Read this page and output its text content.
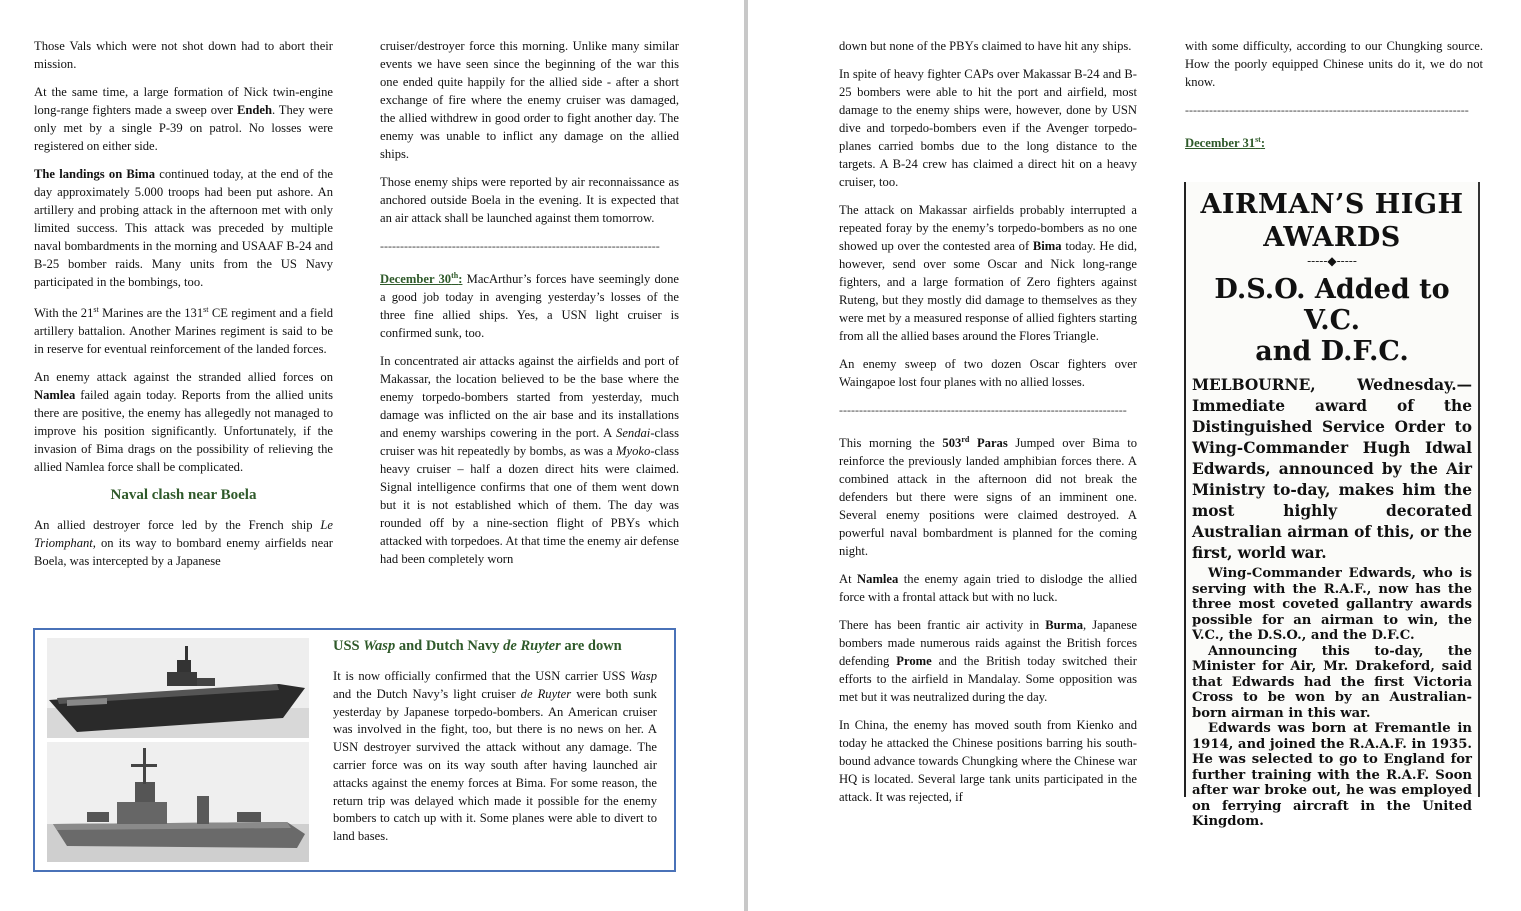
Those Vals which were not shot down had to abort their mission.

At the same time, a large formation of Nick twin-engine long-range fighters made a sweep over Endeh. They were only met by a single P-39 on patrol. No losses were registered on either side.

The landings on Bima continued today, at the end of the day approximately 5.000 troops had been put ashore. An artillery and probing attack in the afternoon met with only limited success. This attack was preceded by multiple naval bombardments in the morning and USAAF B-24 and B-25 bomber raids. Many units from the US Navy participated in the bombings, too.

With the 21st Marines are the 131st CE regiment and a field artillery battalion. Another Marines regiment is said to be in reserve for eventual reinforcement of the landed forces.

An enemy attack against the stranded allied forces on Namlea failed again today. Reports from the allied units there are positive, the enemy has allegedly not managed to improve his position significantly. Unfortunately, if the invasion of Bima drags on the possibility of relieving the allied Namlea force shall be complicated.

Naval clash near Boela

An allied destroyer force led by the French ship Le Triomphant, on its way to bombard enemy airfields near Boela, was intercepted by a Japanese

cruiser/destroyer force this morning. Unlike many similar events we have seen since the beginning of the war this one ended quite happily for the allied side - after a short exchange of fire where the enemy cruiser was damaged, the allied withdrew in good order to fight another day. The enemy was unable to inflict any damage on the allied ships.

Those enemy ships were reported by air reconnaissance as anchored outside Boela in the evening. It is expected that an air attack shall be launched against them tomorrow.

----------------------------------------------------------------------

December 30th: MacArthur’s forces have seemingly done a good job today in avenging yesterday’s losses of the three fine allied ships. Yes, a USN light cruiser is confirmed sunk, too.

In concentrated air attacks against the airfields and port of Makassar, the location believed to be the base where the enemy torpedo-bombers started from yesterday, much damage was inflicted on the air base and its installations and enemy warships cowering in the port. A Sendai-class cruiser was hit repeatedly by bombs, as was a Myoko-class heavy cruiser – half a dozen direct hits were claimed. Signal intelligence confirms that one of them went down but it is not established which of them. The day was rounded off by a nine-section flight of PBYs which attacked with torpedoes. At that time the enemy air defense had been completely worn

USS Wasp and Dutch Navy de Ruyter are down
It is now officially confirmed that the USN carrier USS Wasp and the Dutch Navy’s light cruiser de Ruyter were both sunk yesterday by Japanese torpedo-bombers. An American cruiser was involved in the fight, too, but there is no news on her. A USN destroyer survived the attack without any damage. The carrier force was on its way south after having launched air attacks against the enemy forces at Bima. For some reason, the return trip was delayed which made it possible for the enemy bombers to catch up with it. Some planes were able to divert to land bases.

down but none of the PBYs claimed to have hit any ships.

In spite of heavy fighter CAPs over Makassar B-24 and B-25 bombers were able to hit the port and airfield, most damage to the enemy ships were, however, done by USN dive and torpedo-bombers even if the Avenger torpedo-planes carried bombs due to the long distance to the targets. A B-24 crew has claimed a direct hit on a heavy cruiser, too.

The attack on Makassar airfields probably interrupted a repeated foray by the enemy’s torpedo-bombers as no one showed up over the contested area of Bima today. He did, however, send over some Oscar and Nick long-range fighters, and a large formation of Zero fighters against Ruteng, but they mostly did damage to themselves as they were met by a measured response of allied fighters starting from all the allied bases around the Flores Triangle.

An enemy sweep of two dozen Oscar fighters over Waingapoe lost four planes with no allied losses.

------------------------------------------------------------------------

This morning the 503rd Paras Jumped over Bima to reinforce the previously landed amphibian forces there. A combined attack in the afternoon did not break the defenders but there were signs of an imminent one. Several enemy positions were claimed destroyed. A powerful naval bombardment is planned for the coming night.

At Namlea the enemy again tried to dislodge the allied force with a frontal attack but with no luck.

There has been frantic air activity in Burma, Japanese bombers made numerous raids against the British forces defending Prome and the British today switched their efforts to the airfield in Mandalay. Some opposition was met but it was neutralized during the day.

In China, the enemy has moved south from Kienko and today he attacked the Chinese positions barring his south-bound advance towards Chungking where the Chinese war HQ is located. Several large tank units participated in the attack. It was rejected, if

with some difficulty, according to our Chungking source. How the poorly equipped Chinese units do it, we do not know.

-----------------------------------------------------------------------

December 31st:

AIRMAN’S HIGH
AWARDS
-----◆-----
D.S.O. Added to V.C.
and D.F.C.
MELBOURNE, Wednesday.— Immediate award of the Distinguished Service Order to Wing-Commander Hugh Idwal Edwards, announced by the Air Ministry to-day, makes him the most highly decorated Australian airman of this, or the first, world war.

Wing-Commander Edwards, who is serving with the R.A.F., now has the three most coveted gallantry awards possible for an airman to win, the V.C., the D.S.O., and the D.F.C.

Announcing this to-day, the Minister for Air, Mr. Drakeford, said that Edwards had the first Victoria Cross to be won by an Australian-born airman in this war.

Edwards was born at Fremantle in 1914, and joined the R.A.A.F. in 1935. He was selected to go to England for further training with the R.A.F. Soon after war broke out, he was employed on ferrying aircraft in the United Kingdom.
